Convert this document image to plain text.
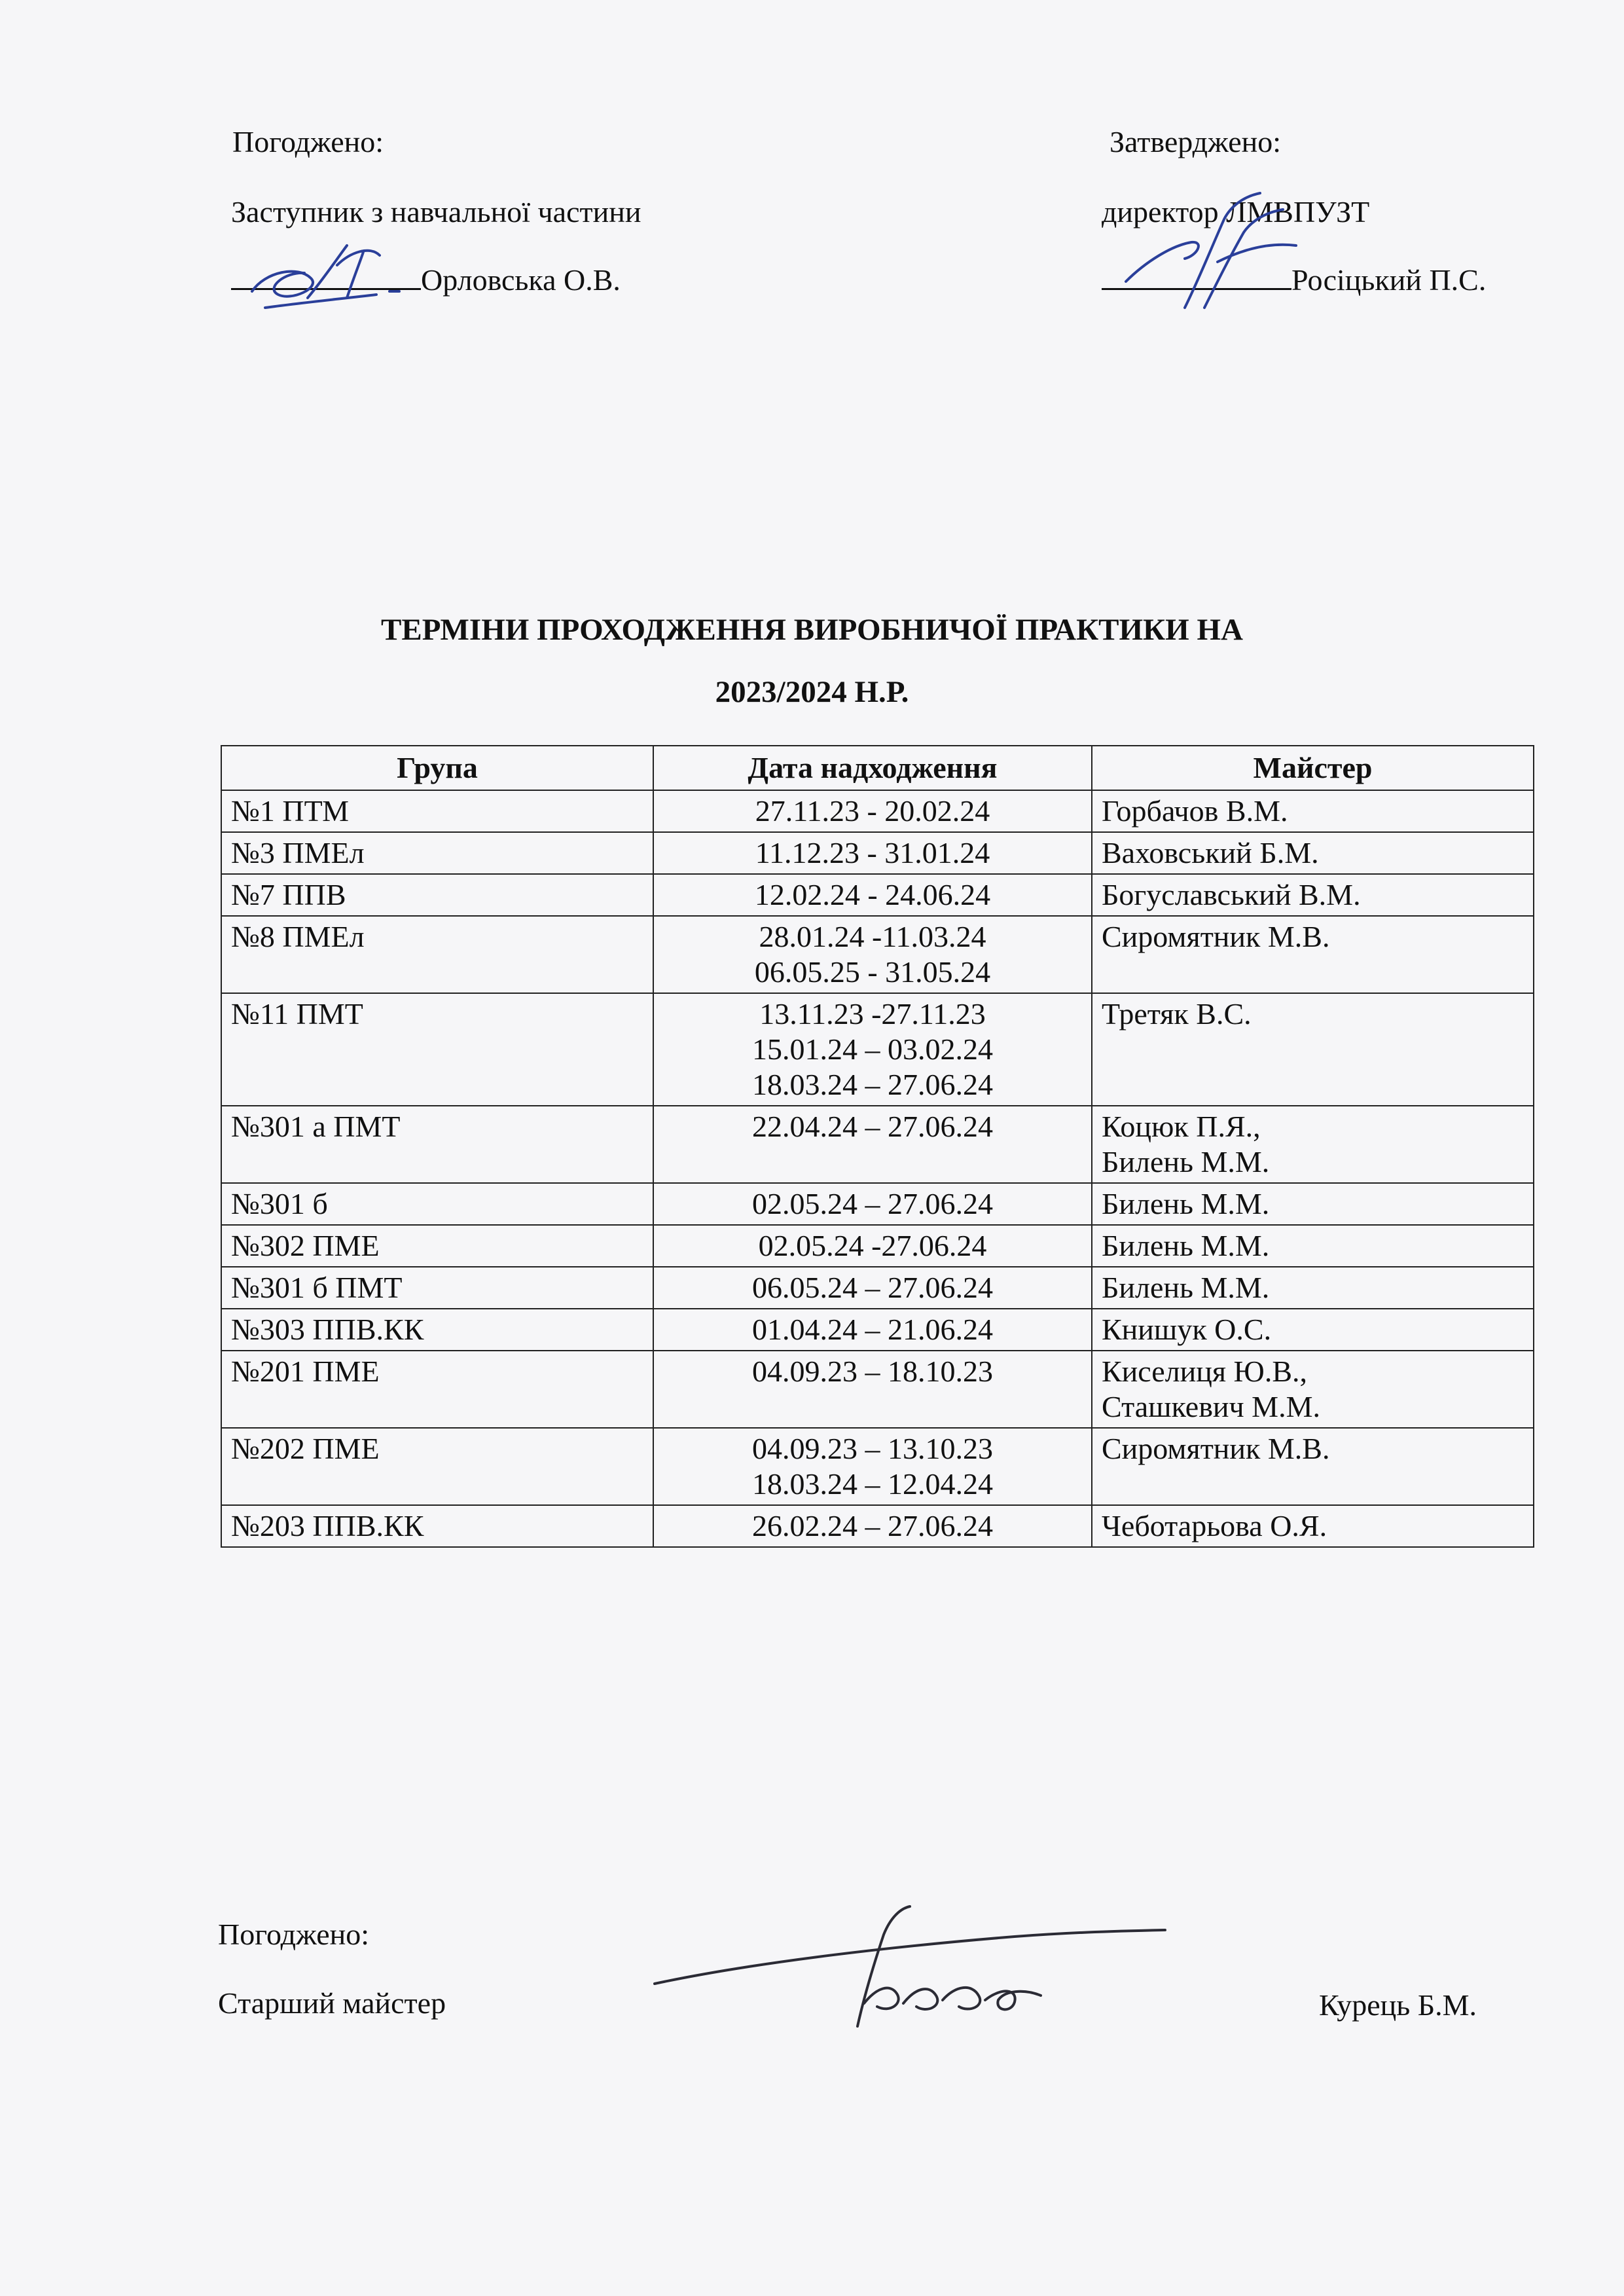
Погоджено:
Заступник з навчальної частини
Орловська О.В.
Затверджено:
директор ЛМВПУЗТ
Росіцький П.С.
ТЕРМІНИ ПРОХОДЖЕННЯ ВИРОБНИЧОЇ ПРАКТИКИ НА
2023/2024 Н.Р.
Група	Дата надходження	Майстер
№1 ПТМ	27.11.23 - 20.02.24	Горбачов В.М.

№3 ПМЕл	11.12.23 - 31.01.24	Ваховський Б.М.

№7 ППВ	12.02.24 - 24.06.24	Богуславський В.М.

№8 ПМЕл	28.01.24 -11.03.24
06.05.25 - 31.05.24	Сиромятник М.В.

№11 ПМТ	13.11.23 -27.11.23
15.01.24 – 03.02.24
18.03.24 – 27.06.24	Третяк В.С.

№301 а ПМТ	22.04.24 – 27.06.24	Коцюк П.Я.,
Билень М.М.

№301 б	02.05.24 – 27.06.24	Билень М.М.

№302 ПМЕ	02.05.24 -27.06.24	Билень М.М.

№301 б ПМТ	06.05.24 – 27.06.24	Билень М.М.

№303 ППВ.КК	01.04.24 – 21.06.24	Книшук О.С.

№201 ПМЕ	04.09.23 – 18.10.23	Киселиця Ю.В.,
Сташкевич М.М.

№202 ПМЕ	04.09.23 – 13.10.23
18.03.24 – 12.04.24	Сиромятник М.В.

№203 ППВ.КК	26.02.24 – 27.06.24	Чеботарьова О.Я.
Погоджено:
Старший майстер	Курець Б.М.
